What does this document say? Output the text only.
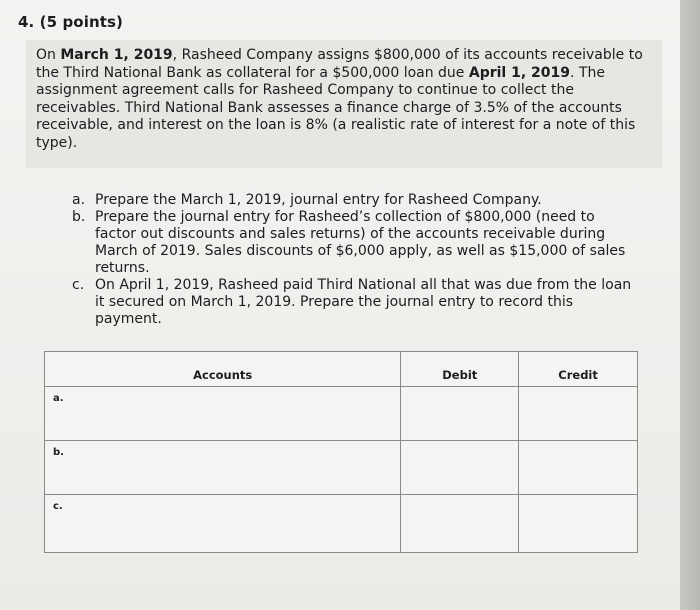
4. (5 points)
On March 1, 2019, Rasheed Company assigns $800,000 of its accounts receivable to the Third National Bank as collateral for a $500,000 loan due April 1, 2019. The assignment agreement calls for Rasheed Company to continue to collect the receivables. Third National Bank assesses a finance charge of 3.5% of the accounts receivable, and interest on the loan is 8% (a realistic rate of interest for a note of this type).
a. Prepare the March 1, 2019, journal entry for Rasheed Company.
b. Prepare the journal entry for Rasheed’s collection of $800,000 (need to factor out discounts and sales returns) of the accounts receivable during March of 2019. Sales discounts of $6,000 apply, as well as $15,000 of sales returns.
c. On April 1, 2019, Rasheed paid Third National all that was due from the loan it secured on March 1, 2019. Prepare the journal entry to record this payment.
Accounts	Debit	Credit

a.		

b.		

c.		
